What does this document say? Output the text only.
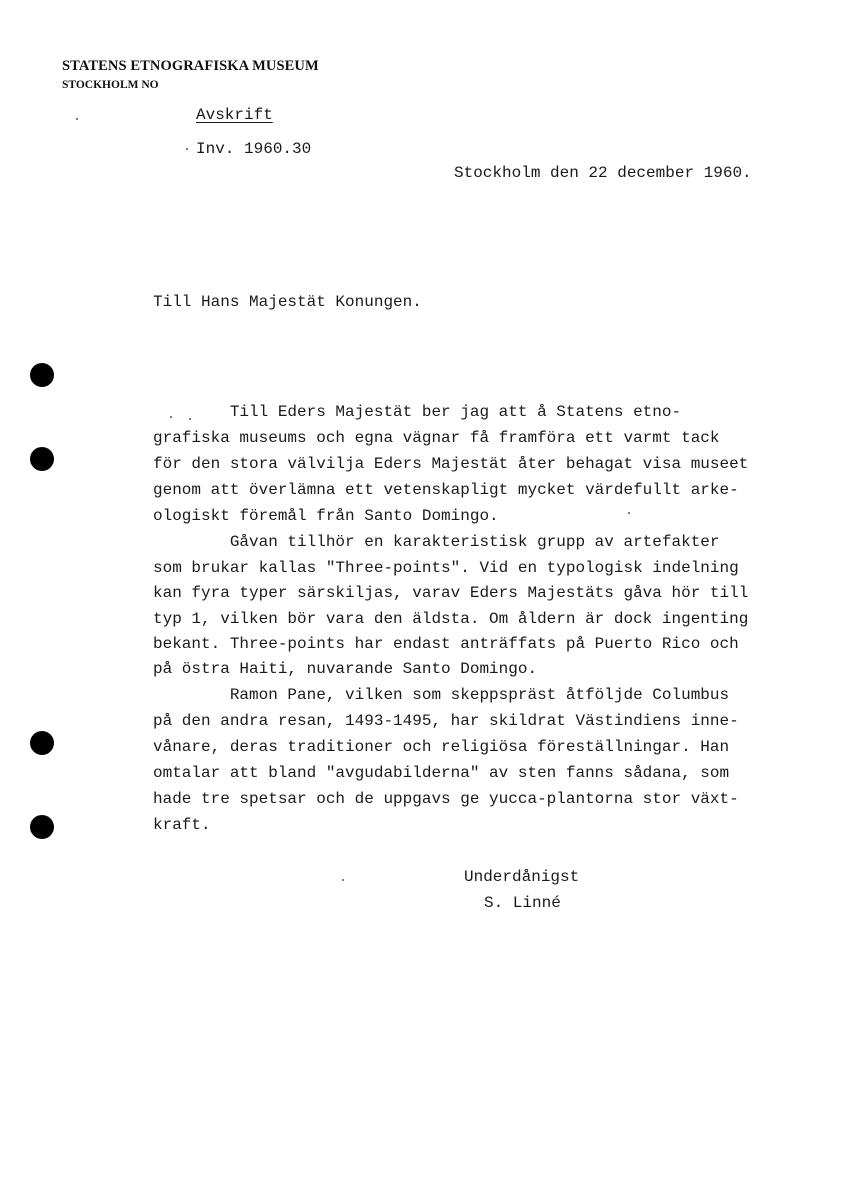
STATENS ETNOGRAFISKA MUSEUM
STOCKHOLM NO
Avskrift
Inv. 1960.30
Stockholm den 22 december 1960.
Till Hans Majestät Konungen.
Till Eders Majestät ber jag att å Statens etno-
grafiska museums och egna vägnar få framföra ett varmt tack
för den stora välvilja Eders Majestät åter behagat visa museet
genom att överlämna ett vetenskapligt mycket värdefullt arke-
ologiskt föremål från Santo Domingo.
Gåvan tillhör en karakteristisk grupp av artefakter
som brukar kallas "Three-points". Vid en typologisk indelning
kan fyra typer särskiljas, varav Eders Majestäts gåva hör till
typ 1, vilken bör vara den äldsta. Om åldern är dock ingenting
bekant. Three-points har endast anträffats på Puerto Rico och
på östra Haiti, nuvarande Santo Domingo.
Ramon Pane, vilken som skeppspräst åtföljde Columbus
på den andra resan, 1493-1495, har skildrat Västindiens inne-
vånare, deras traditioner och religiösa föreställningar. Han
omtalar att bland "avgudabilderna" av sten fanns sådana, som
hade tre spetsar och de uppgavs ge yucca-plantorna stor växt-
kraft.
Underdånigst
S. Linné
